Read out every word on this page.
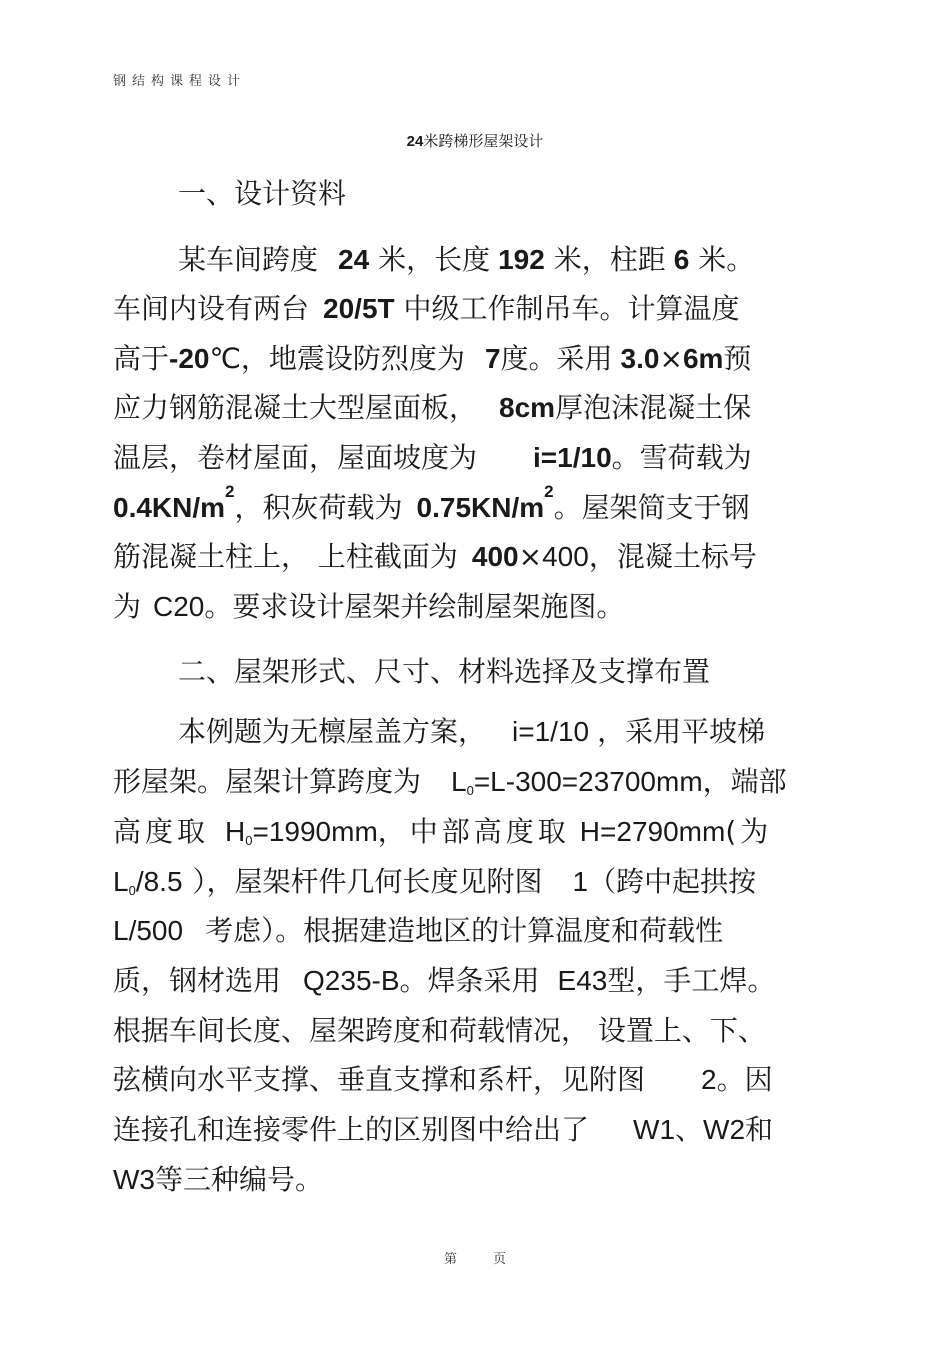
钢结构课程设计
24米跨梯形屋架设计
一、设计资料
某车间跨度 24 米，长度 192 米，柱距 6 米。
车间内设有两台 20/5T 中级工作制吊车。计算温度
高于-20℃，地震设防烈度为 7度。采用 3.0×6m预
应力钢筋混凝土大型屋面板， 8cm厚泡沫混凝土保
温层，卷材屋面，屋面坡度为 i=1/10。雪荷载为
$0.4KN/m^2$，积灰荷载为 $0.75KN/m^2$。屋架简支于钢
筋混凝土柱上， 上柱截面为 400×400，混凝土标号
为 C20。要求设计屋架并绘制屋架施图。
二、屋架形式、尺寸、材料选择及支撑布置
本例题为无檩屋盖方案， i=1/10 ，采用平坡梯
形屋架。屋架计算跨度为 L0=L-300=23700mm，端部
高度取 H0=1990mm，中部高度取 H=2790mm(为
L0/8.5 ），屋架杆件几何长度见附图 1（跨中起拱按
L/500 考虑）。根据建造地区的计算温度和荷载性
质，钢材选用 Q235-B。焊条采用 E43型，手工焊。
根据车间长度、屋架跨度和荷载情况， 设置上、下、
弦横向水平支撑、垂直支撑和系杆，见附图 2。因
连接孔和连接零件上的区别图中给出了 W1、W2和
W3等三种编号。
第	页
